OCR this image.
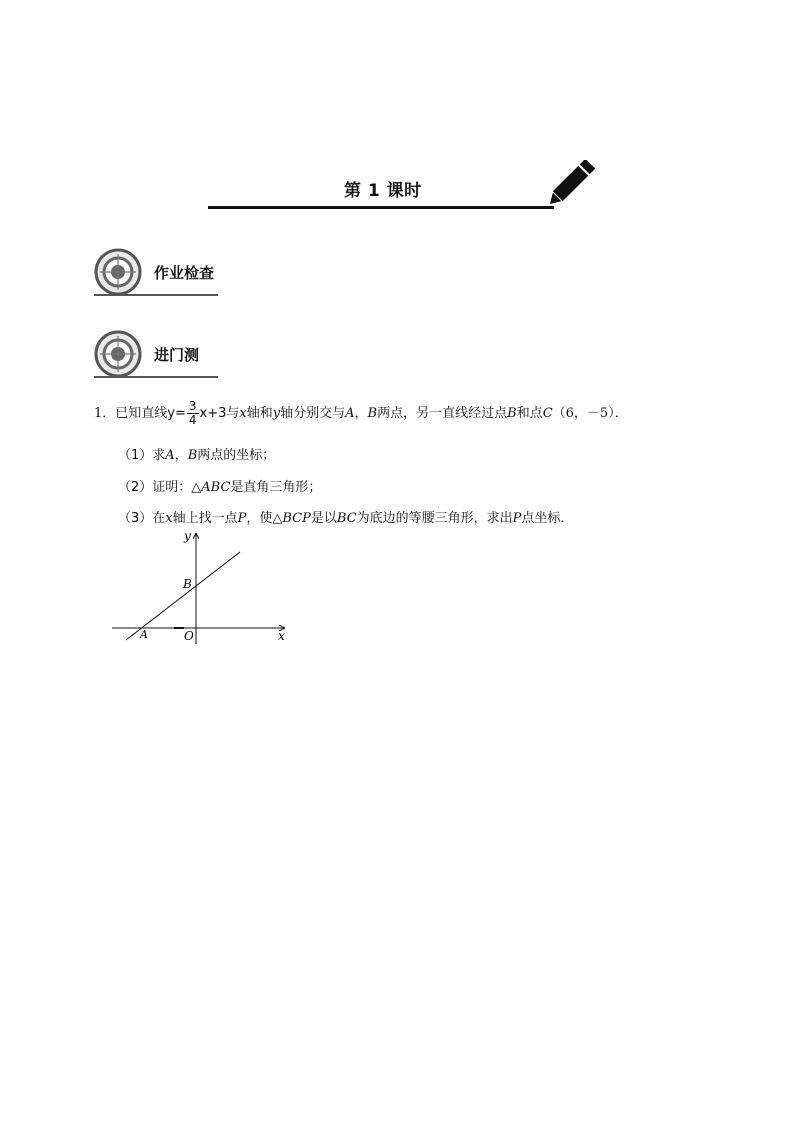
第 1 课时
作业检查
进门测
1．已知直线$y= \frac{3}{4} x+3$与x轴和y轴分别交与A，B两点，另一直线经过点B和点C（6，－5）．
（1）求A，B两点的坐标；
（2）证明：△ABC是直角三角形；
（3）在x轴上找一点P，使△BCP是以BC为底边的等腰三角形，求出P点坐标．
y
x
B
A	O
